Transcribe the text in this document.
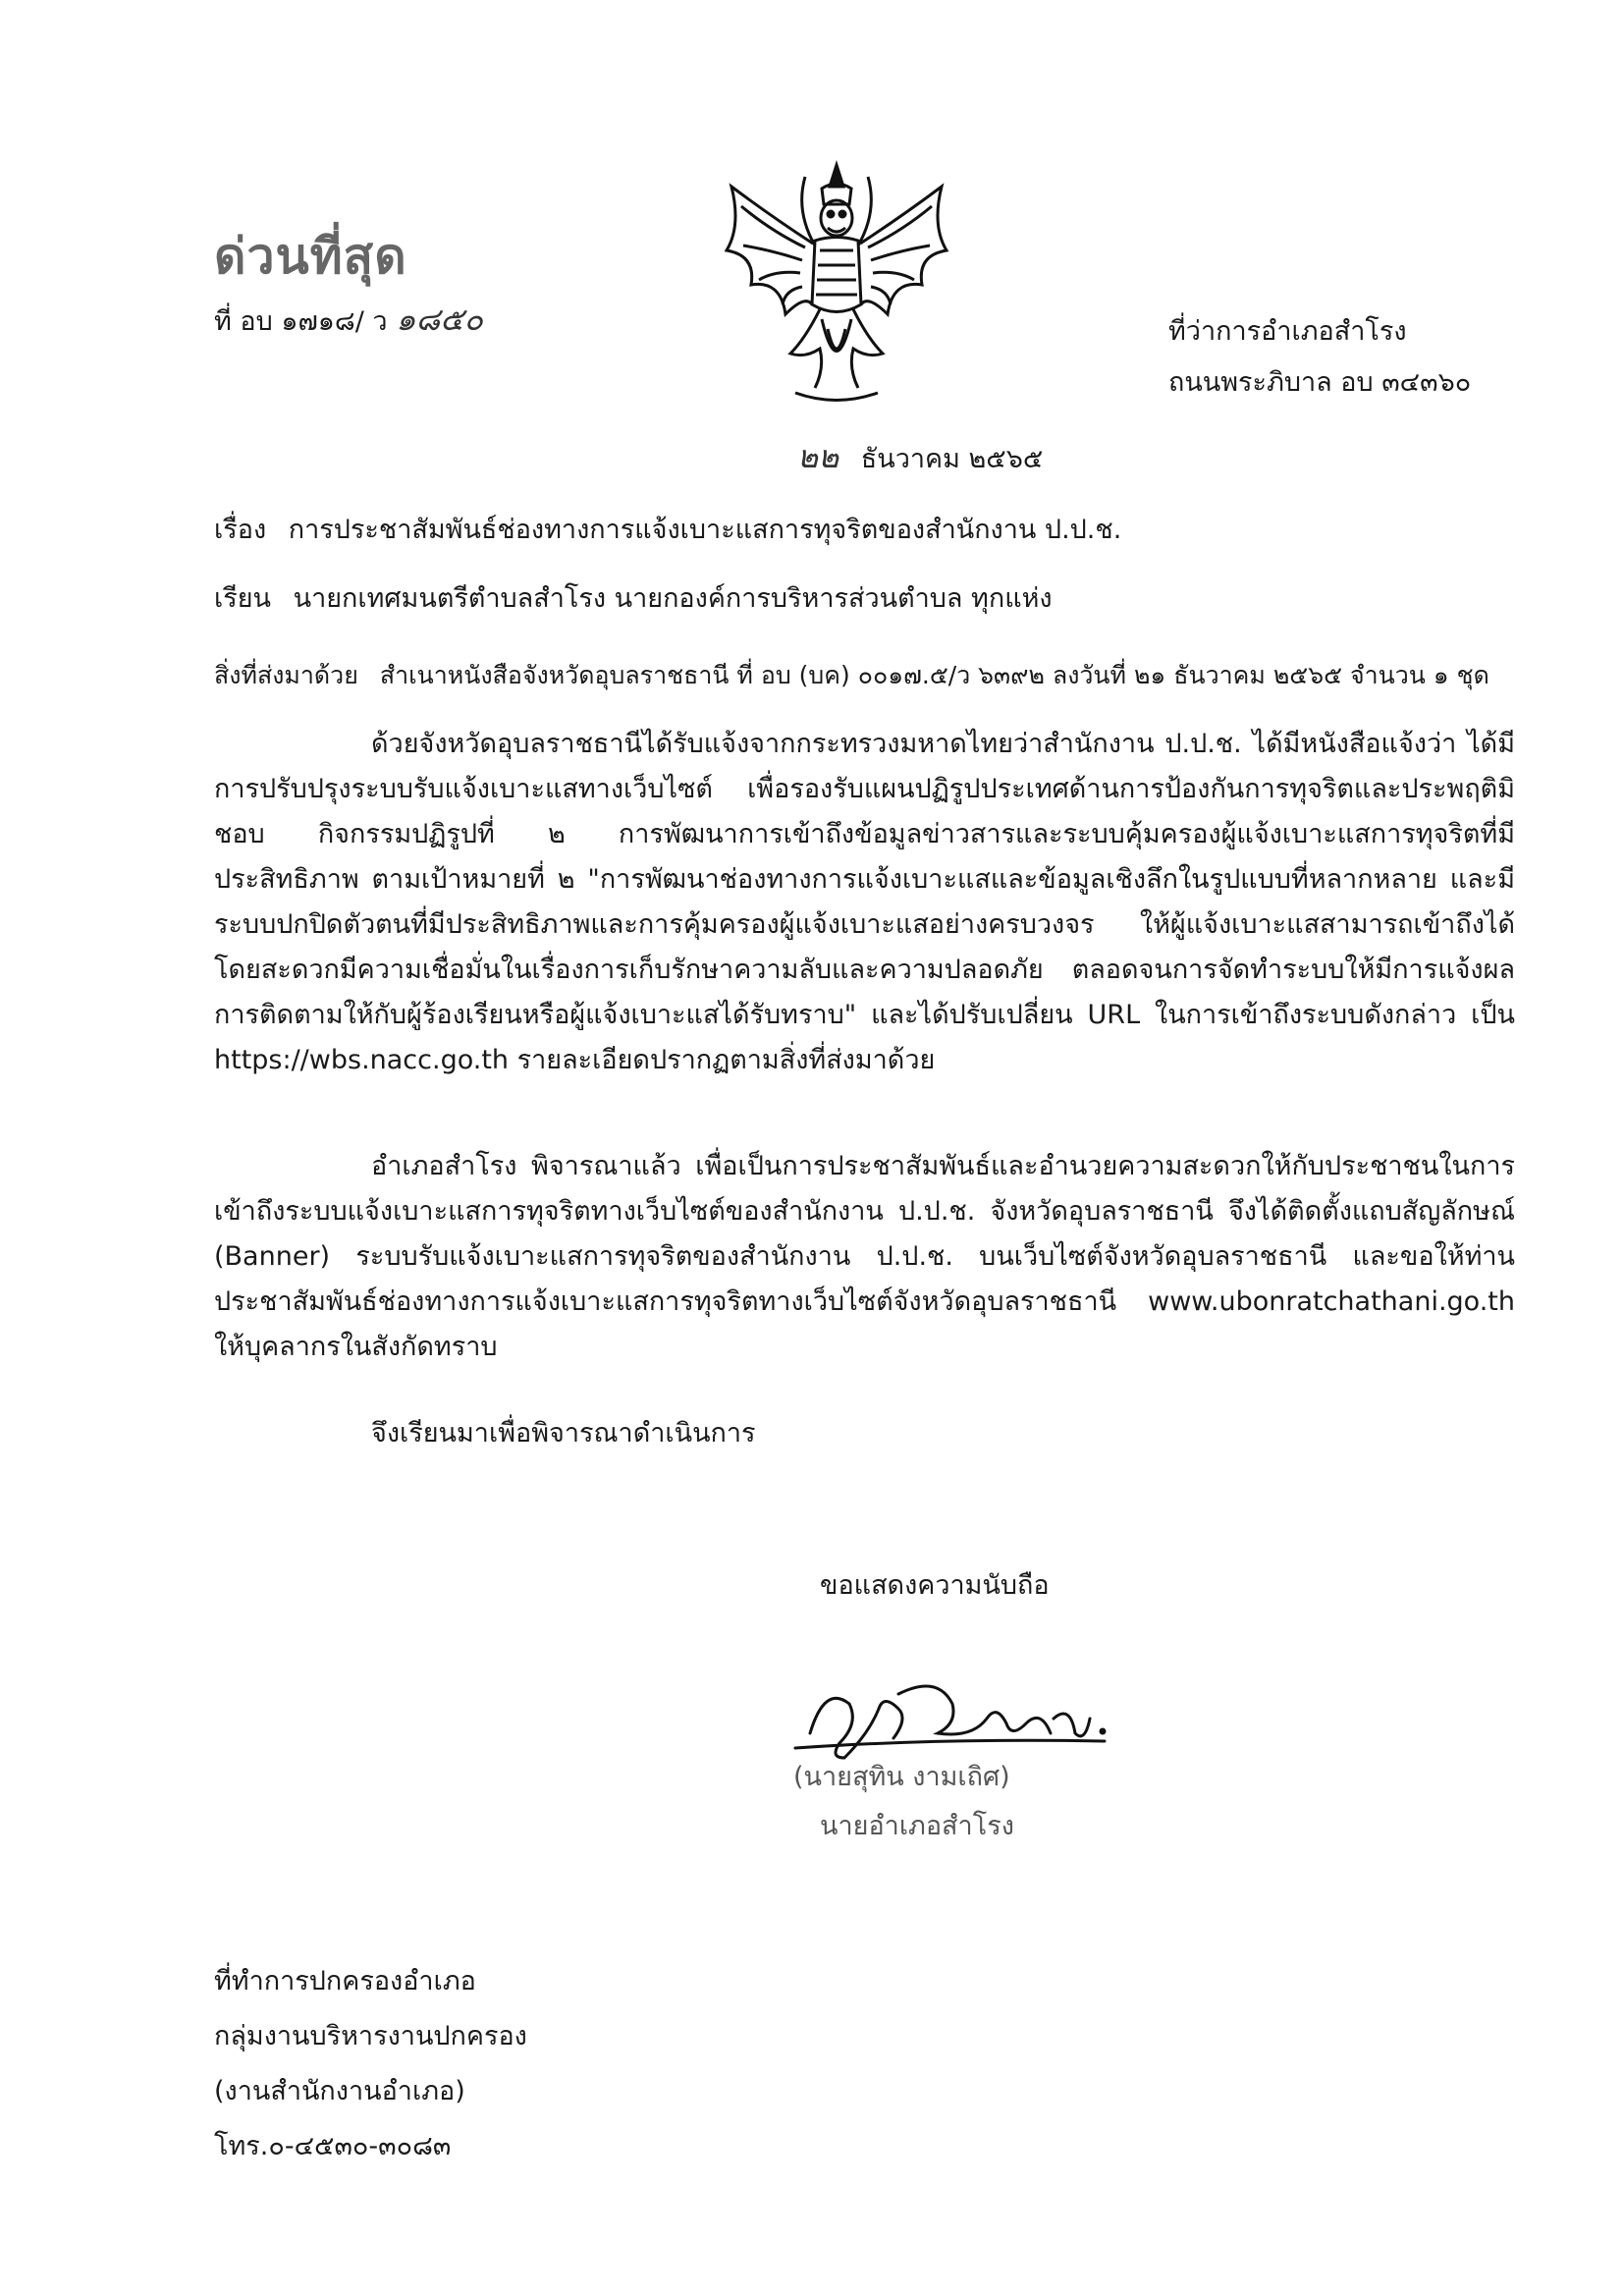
ด่วนที่สุด
ที่ อบ ๑๗๑๘/ ว ๑๘๕๐	ที่ว่าการอำเภอสำโรง
ถนนพระภิบาล อบ ๓๔๓๖๐
๒๒ ธันวาคม ๒๕๖๕
เรื่อง การประชาสัมพันธ์ช่องทางการแจ้งเบาะแสการทุจริตของสำนักงาน ป.ป.ช.
เรียน นายกเทศมนตรีตำบลสำโรง นายกองค์การบริหารส่วนตำบล ทุกแห่ง
สิ่งที่ส่งมาด้วย สำเนาหนังสือจังหวัดอุบลราชธานี ที่ อบ (บค) ๐๐๑๗.๕/ว ๖๓๙๒ ลงวันที่ ๒๑ ธันวาคม ๒๕๖๕ จำนวน ๑ ชุด
ด้วยจังหวัดอุบลราชธานีได้รับแจ้งจากกระทรวงมหาดไทยว่าสำนักงาน ป.ป.ช. ได้มีหนังสือแจ้งว่า ได้มีการปรับปรุงระบบรับแจ้งเบาะแสทางเว็บไซต์ เพื่อรองรับแผนปฏิรูปประเทศด้านการป้องกันการทุจริตและประพฤติมิชอบ กิจกรรมปฏิรูปที่ ๒ การพัฒนาการเข้าถึงข้อมูลข่าวสารและระบบคุ้มครองผู้แจ้งเบาะแสการทุจริตที่มีประสิทธิภาพ ตามเป้าหมายที่ ๒ "การพัฒนาช่องทางการแจ้งเบาะแสและข้อมูลเชิงลึกในรูปแบบที่หลากหลาย และมีระบบปกปิดตัวตนที่มีประสิทธิภาพและการคุ้มครองผู้แจ้งเบาะแสอย่างครบวงจร ให้ผู้แจ้งเบาะแสสามารถเข้าถึงได้โดยสะดวกมีความเชื่อมั่นในเรื่องการเก็บรักษาความลับและความปลอดภัย ตลอดจนการจัดทำระบบให้มีการแจ้งผลการติดตามให้กับผู้ร้องเรียนหรือผู้แจ้งเบาะแสได้รับทราบ" และได้ปรับเปลี่ยน URL ในการเข้าถึงระบบดังกล่าว เป็น https://wbs.nacc.go.th รายละเอียดปรากฏตามสิ่งที่ส่งมาด้วย
อำเภอสำโรง พิจารณาแล้ว เพื่อเป็นการประชาสัมพันธ์และอำนวยความสะดวกให้กับประชาชนในการเข้าถึงระบบแจ้งเบาะแสการทุจริตทางเว็บไซต์ของสำนักงาน ป.ป.ช. จังหวัดอุบลราชธานี จึงได้ติดตั้งแถบสัญลักษณ์ (Banner) ระบบรับแจ้งเบาะแสการทุจริตของสำนักงาน ป.ป.ช. บนเว็บไซต์จังหวัดอุบลราชธานี และขอให้ท่านประชาสัมพันธ์ช่องทางการแจ้งเบาะแสการทุจริตทางเว็บไซต์จังหวัดอุบลราชธานี www.ubonratchathani.go.th ให้บุคลากรในสังกัดทราบ
จึงเรียนมาเพื่อพิจารณาดำเนินการ
ขอแสดงความนับถือ
(นายสุทิน งามเถิศ)
นายอำเภอสำโรง
ที่ทำการปกครองอำเภอ
กลุ่มงานบริหารงานปกครอง
(งานสำนักงานอำเภอ)
โทร.๐-๔๕๓๐-๓๐๘๓
